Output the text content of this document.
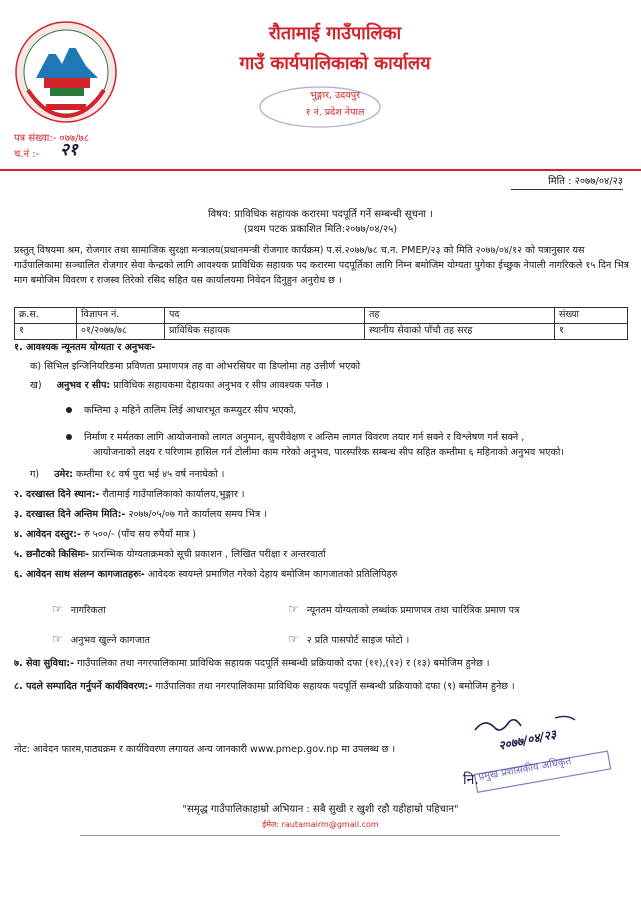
रौतामाई गाउँपालिका
गाउँ कार्यपालिकाको कार्यालय
भुङ्गार, उदयपुर
१ नं. प्रदेश नेपाल
पत्र संख्या:- ०७७/७८
च.नं :- २१
मिति : २०७७/०४/२३
विषय: प्राविधिक सहायक करारमा पदपूर्ति गर्ने सम्बन्धी सूचना ।
(प्रथम पटक प्रकाशित मिति:२०७७/०४/२५)
प्रस्तुत् विषयमा श्रम, रोजगार तथा सामाजिक सुरक्षा मन्त्रालय(प्रधानमन्त्री रोजगार कार्यक्रम) प.सं.२०७७/७८ च.न. PMEP/२३ को मिति २०७७/०४/१२ को पत्रानुसार यस गाउँपालिकामा सञ्चालित रोजगार सेवा केन्द्रको लागि आवश्यक प्राविधिक सहायक पद करारमा पदपूर्तिका लागि निम्न बमोजिम योग्यता पुगेका ईच्छुक नेपाली नागरिकले १५ दिन भित्र माग बमोजिम विवरण र राजस्व तिरेको रसिद सहित यस कार्यालयमा निवेदन दिनुहुन अनुरोध छ ।
क्र.स.	विज्ञापन नं.	पद	तह	संख्या
१	०१/२०७७/७८	प्राविधिक सहायक	स्थानीय सेवाको पाँचौ तह सरह	१
१. आवश्यक न्यूनतम योग्यता र अनुभवः-
क) सिभिल इन्जिनियरिङमा प्रविणता प्रमाणपत्र तह वा ओभरसियर वा डिप्लोमा तह उत्तीर्ण भएको
ख) अनुभव र सीप: प्राविधिक सहायकमा देहायका अनुभव र सीप आवश्यक पर्नेछ ।
कम्तिमा ३ महिने तालिम लिई आधारभूत कम्प्युटर सीप भएको,
निर्माण र मर्मतका लागि आयोजनाको लागत अनुमान, सुपरीवेक्षण र अन्तिम लागत विवरण तयार गर्न सक्ने र विश्लेषण गर्न सक्ने ,
आयोजनाको लक्ष्य र परिणाम हासिल गर्न टोलीमा काम गरेको अनुभव, पारस्परिक सम्बन्ध सीप सहित कम्तीमा ६ महिनाको अनुभव भएको।
ग) उमेर: कम्तीमा १८ वर्ष पुरा भई ४५ वर्ष ननाघेको ।
२. दरखास्त दिने स्थान:- रौतामाई गाउँपालिकाको कार्यालय,भुङ्गार ।
३. दरखास्त दिने अन्तिम मिति:- २०७७/०५/०७ गते कार्यालय समय भित्र ।
४. आवेदन दस्तुर:- रु ५००/- (पाँच सय रुपैयाँ मात्र )
५. छनौटको किसिमः- प्रारम्भिक योग्यताक्रमको सूची प्रकाशन , लिखित परीक्षा र अन्तरवार्ता
६. आवेदन साथ संलग्न कागजातहरुः- आवेदक स्वयम्ले प्रमाणित गरेको देहाय बमोजिम कागजातको प्रतिलिपिहरु
☞ नागरिकता	☞ न्यूनतम योग्यताको लब्धांक प्रमाणपत्र तथा चारित्रिक प्रमाण पत्र
☞ अनुभव खुल्ने कागजात	☞ २ प्रति पासपोर्ट साइज फोटो ।
७. सेवा सुविधा:- गाउँपालिका तथा नगरपालिकामा प्राविधिक सहायक पदपूर्ति सम्बन्धी प्रक्रियाको दफा (११),(१२) र (१३) बमोजिम हुनेछ ।
८. पदले सम्पादित गर्नुपर्ने कार्यविवरण:- गाउँपालिका तथा नगरपालिकामा प्राविधिक सहायक पदपूर्ति सम्बन्धी प्रक्रियाको दफा (९) बमोजिम हुनेछ ।
नोट: आवेदन फारम,पाठ्यक्रम र कार्यविवरण लगायत अन्य जानकारी www.pmep.gov.np मा उपलब्ध छ ।
नि.
२०७७/०४/२३
प्रमुख प्रशासकीय अधिकृत
"समृद्ध गाउँपालिकाहाम्रो अभियान : सबै सुखी र खुशी रहौ यहीहाम्रो पहिचान"
ईमेल: rautamairm@gmail.com
